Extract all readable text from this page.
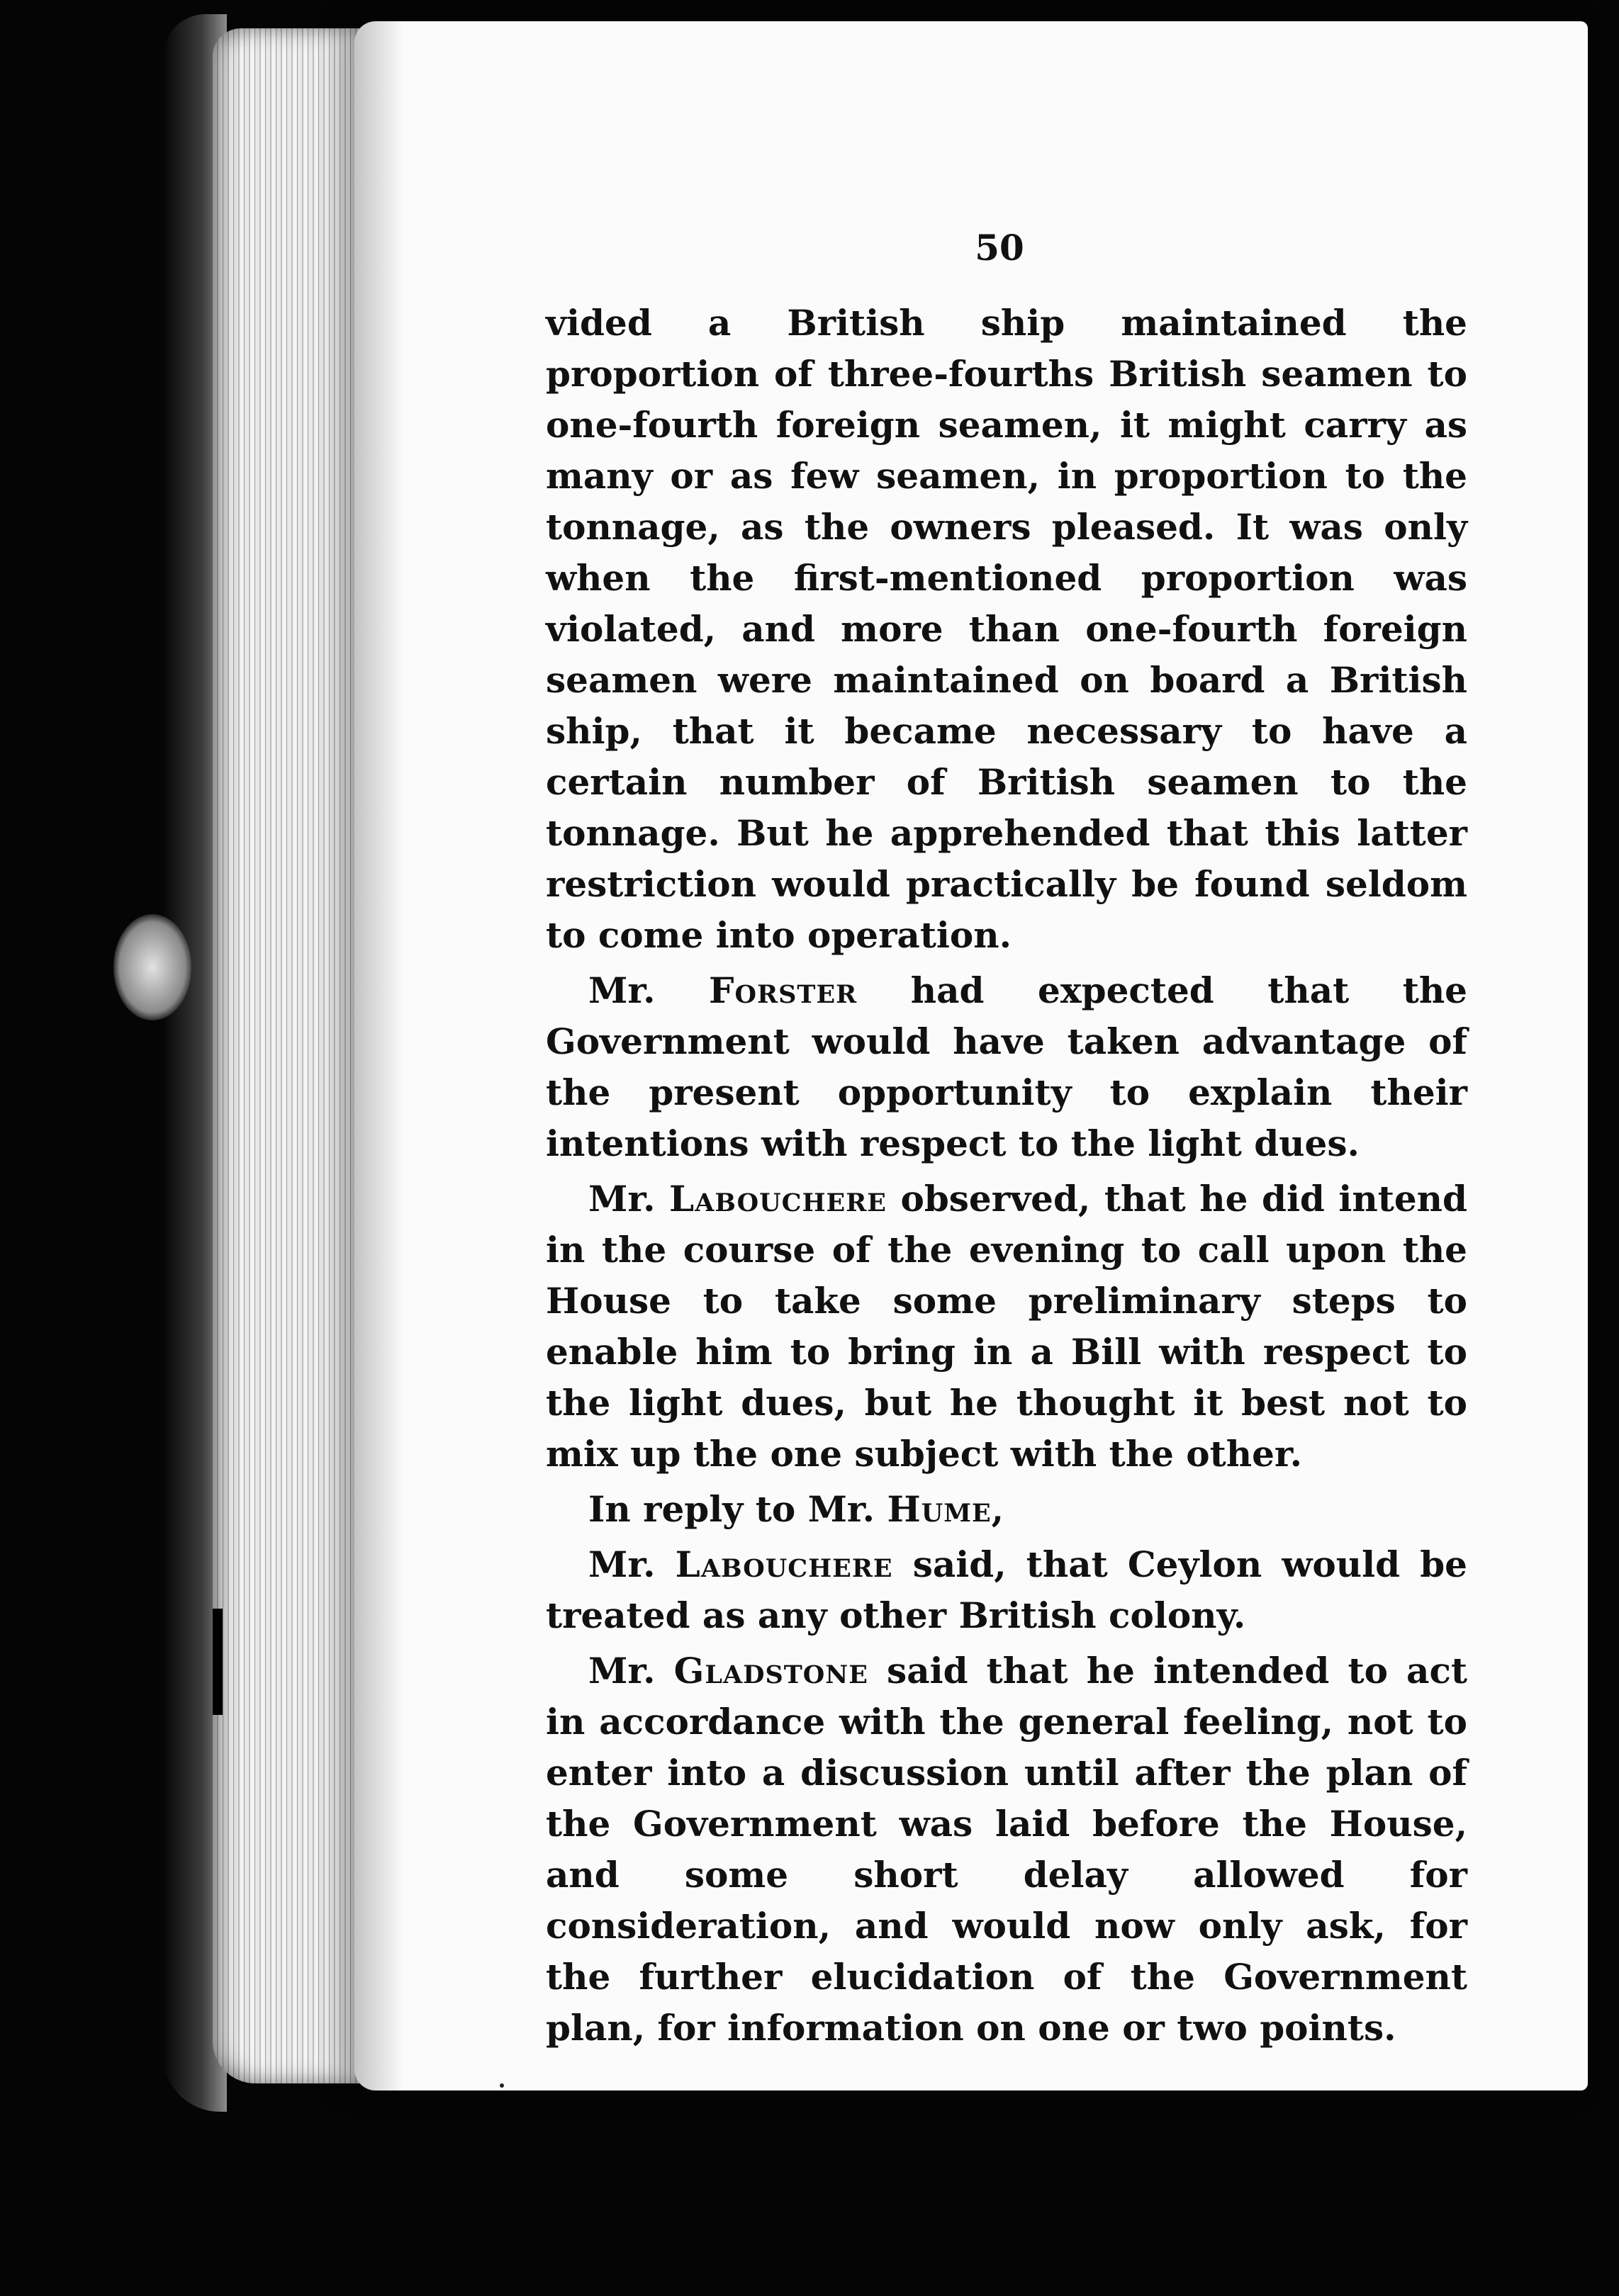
50

vided a British ship maintained the proportion of three-fourths British seamen to one-fourth foreign seamen, it might carry as many or as few seamen, in proportion to the tonnage, as the owners pleased. It was only when the first-mentioned proportion was violated, and more than one-fourth foreign seamen were maintained on board a British ship, that it became necessary to have a certain number of British seamen to the tonnage. But he apprehended that this latter restriction would practically be found seldom to come into operation.

Mr. Forster had expected that the Government would have taken advantage of the present opportunity to explain their intentions with respect to the light dues.

Mr. Labouchere observed, that he did intend in the course of the evening to call upon the House to take some preliminary steps to enable him to bring in a Bill with respect to the light dues, but he thought it best not to mix up the one subject with the other.

In reply to Mr. Hume,

Mr. Labouchere said, that Ceylon would be treated as any other British colony.

Mr. Gladstone said that he intended to act in accordance with the general feeling, not to enter into a discussion until after the plan of the Government was laid before the House, and some short delay allowed for consideration, and would now only ask, for the further elucidation of the Government plan, for information on one or two points.
